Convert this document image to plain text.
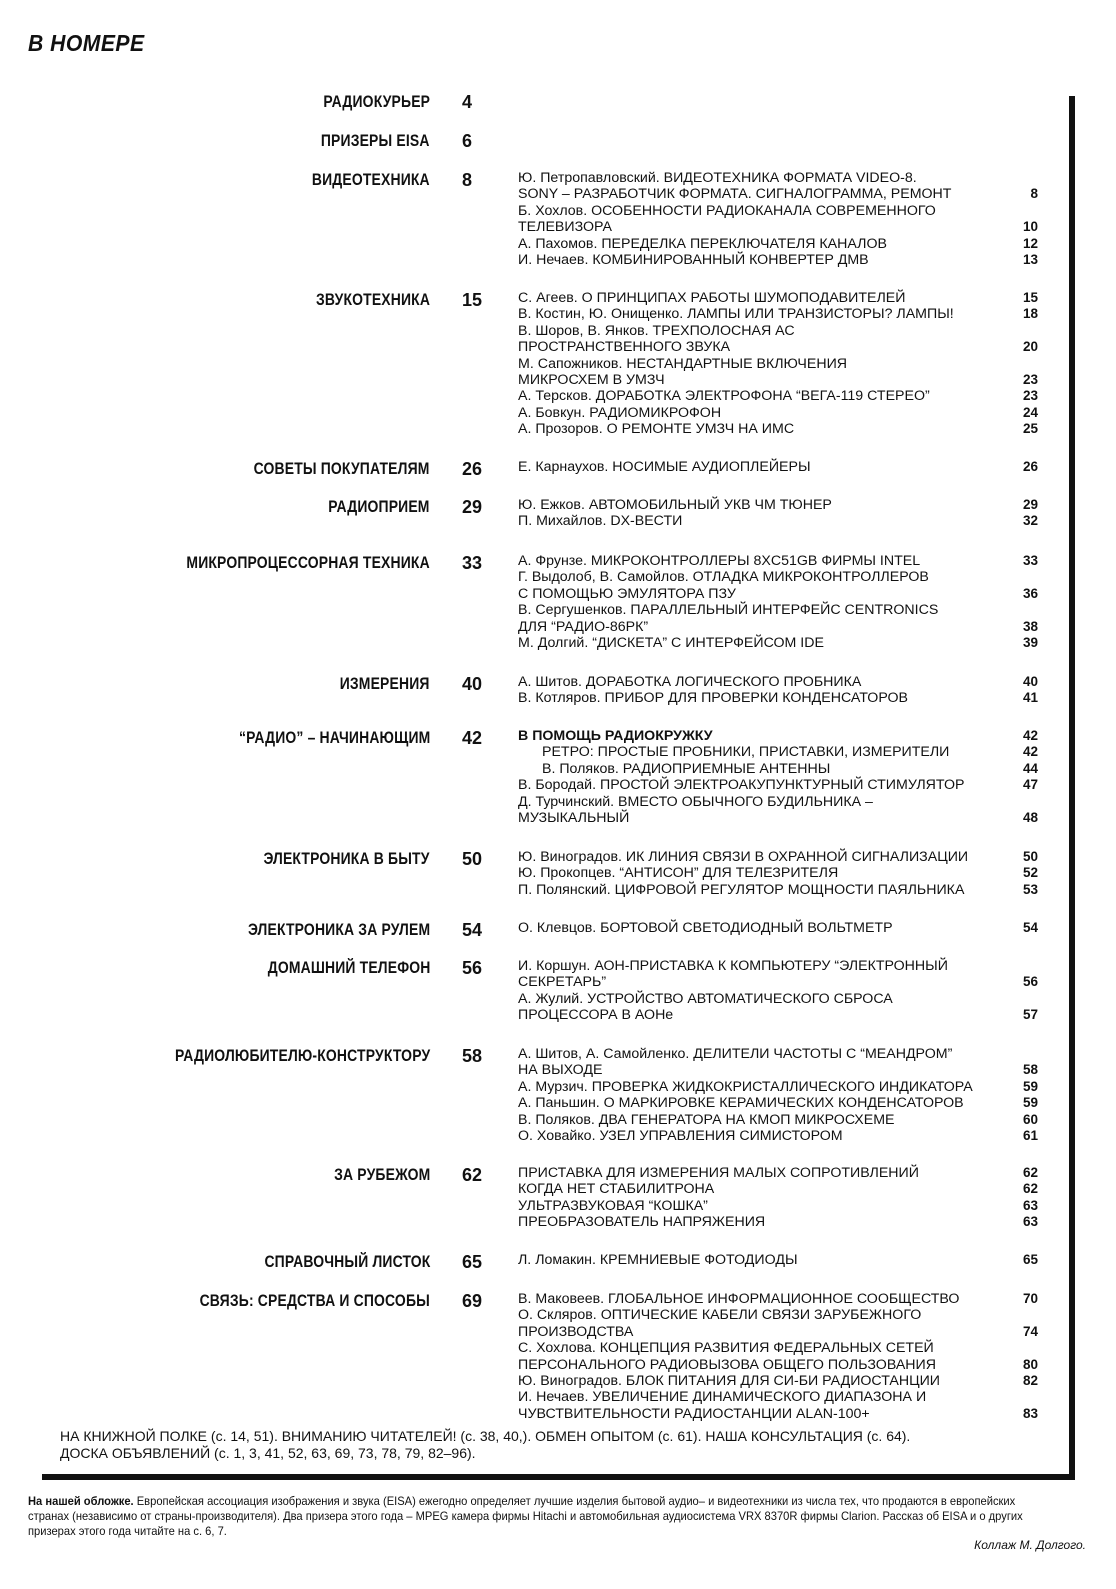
В НОМЕРЕ
РАДИОКУРЬЕР 4
ПРИЗЕРЫ EISA 6
ВИДЕОТЕХНИКА 8	Ю. Петропавловский. ВИДЕОТЕХНИКА ФОРМАТА VIDEO-8.
SONY – РАЗРАБОТЧИК ФОРМАТА. СИГНАЛОГРАММА, РЕМОНТ	8
Б. Хохлов. ОСОБЕННОСТИ РАДИОКАНАЛА СОВРЕМЕННОГО
ТЕЛЕВИЗОРА	10
А. Пахомов. ПЕРЕДЕЛКА ПЕРЕКЛЮЧАТЕЛЯ КАНАЛОВ	12
И. Нечаев. КОМБИНИРОВАННЫЙ КОНВЕРТЕР ДМВ	13
ЗВУКОТЕХНИКА 15	С. Агеев. О ПРИНЦИПАХ РАБОТЫ ШУМОПОДАВИТЕЛЕЙ	15
В. Костин, Ю. Онищенко. ЛАМПЫ ИЛИ ТРАНЗИСТОРЫ? ЛАМПЫ!	18
В. Шоров, В. Янков. ТРЕХПОЛОСНАЯ АС
ПРОСТРАНСТВЕННОГО ЗВУКА	20
М. Сапожников. НЕСТАНДАРТНЫЕ ВКЛЮЧЕНИЯ
МИКРОСХЕМ В УМЗЧ	23
А. Терсков. ДОРАБОТКА ЭЛЕКТРОФОНА “ВЕГА-119 СТЕРЕО”	23
А. Бовкун. РАДИОМИКРОФОН	24
А. Прозоров. О РЕМОНТЕ УМЗЧ НА ИМС	25
СОВЕТЫ ПОКУПАТЕЛЯМ 26	Е. Карнаухов. НОСИМЫЕ АУДИОПЛЕЙЕРЫ	26
РАДИОПРИЕМ 29	Ю. Ежков. АВТОМОБИЛЬНЫЙ УКВ ЧМ ТЮНЕР	29
П. Михайлов. DX-ВЕСТИ	32
МИКРОПРОЦЕССОРНАЯ ТЕХНИКА 33	А. Фрунзе. МИКРОКОНТРОЛЛЕРЫ 8XC51GB ФИРМЫ INTEL	33
Г. Выдолоб, В. Самойлов. ОТЛАДКА МИКРОКОНТРОЛЛЕРОВ
С ПОМОЩЬЮ ЭМУЛЯТОРА ПЗУ	36
В. Сергушенков. ПАРАЛЛЕЛЬНЫЙ ИНТЕРФЕЙС CENTRONICS
ДЛЯ “РАДИО-86РК”	38
М. Долгий. “ДИСКЕТА” С ИНТЕРФЕЙСОМ IDE	39
ИЗМЕРЕНИЯ 40	А. Шитов. ДОРАБОТКА ЛОГИЧЕСКОГО ПРОБНИКА	40
В. Котляров. ПРИБОР ДЛЯ ПРОВЕРКИ КОНДЕНСАТОРОВ	41
“РАДИО” – НАЧИНАЮЩИМ 42	В ПОМОЩЬ РАДИОКРУЖКУ	42
РЕТРО: ПРОСТЫЕ ПРОБНИКИ, ПРИСТАВКИ, ИЗМЕРИТЕЛИ	42
В. Поляков. РАДИОПРИЕМНЫЕ АНТЕННЫ	44
В. Бородай. ПРОСТОЙ ЭЛЕКТРОАКУПУНКТУРНЫЙ СТИМУЛЯТОР	47
Д. Турчинский. ВМЕСТО ОБЫЧНОГО БУДИЛЬНИКА –
МУЗЫКАЛЬНЫЙ	48
ЭЛЕКТРОНИКА В БЫТУ 50	Ю. Виноградов. ИК ЛИНИЯ СВЯЗИ В ОХРАННОЙ СИГНАЛИЗАЦИИ	50
Ю. Прокопцев. “АНТИСОН” ДЛЯ ТЕЛЕЗРИТЕЛЯ	52
П. Полянский. ЦИФРОВОЙ РЕГУЛЯТОР МОЩНОСТИ ПАЯЛЬНИКА	53
ЭЛЕКТРОНИКА ЗА РУЛЕМ 54	О. Клевцов. БОРТОВОЙ СВЕТОДИОДНЫЙ ВОЛЬТМЕТР	54
ДОМАШНИЙ ТЕЛЕФОН 56	И. Коршун. АОН-ПРИСТАВКА К КОМПЬЮТЕРУ “ЭЛЕКТРОННЫЙ
СЕКРЕТАРЬ”	56
А. Жулий. УСТРОЙСТВО АВТОМАТИЧЕСКОГО СБРОСА
ПРОЦЕССОРА В АОНе	57
РАДИОЛЮБИТЕЛЮ-КОНСТРУКТОРУ 58	А. Шитов, А. Самойленко. ДЕЛИТЕЛИ ЧАСТОТЫ С “МЕАНДРОМ”
НА ВЫХОДЕ	58
А. Мурзич. ПРОВЕРКА ЖИДКОКРИСТАЛЛИЧЕСКОГО ИНДИКАТОРА	59
А. Паньшин. О МАРКИРОВКЕ КЕРАМИЧЕСКИХ КОНДЕНСАТОРОВ	59
В. Поляков. ДВА ГЕНЕРАТОРА НА КМОП МИКРОСХЕМЕ	60
О. Ховайко. УЗЕЛ УПРАВЛЕНИЯ СИМИСТОРОМ	61
ЗА РУБЕЖОМ 62	ПРИСТАВКА ДЛЯ ИЗМЕРЕНИЯ МАЛЫХ СОПРОТИВЛЕНИЙ	62
КОГДА НЕТ СТАБИЛИТРОНА	62
УЛЬТРАЗВУКОВАЯ “КОШКА”	63
ПРЕОБРАЗОВАТЕЛЬ НАПРЯЖЕНИЯ	63
СПРАВОЧНЫЙ ЛИСТОК 65	Л. Ломакин. КРЕМНИЕВЫЕ ФОТОДИОДЫ	65
СВЯЗЬ: СРЕДСТВА И СПОСОБЫ 69	В. Маковеев. ГЛОБАЛЬНОЕ ИНФОРМАЦИОННОЕ СООБЩЕСТВО	70
О. Скляров. ОПТИЧЕСКИЕ КАБЕЛИ СВЯЗИ ЗАРУБЕЖНОГО
ПРОИЗВОДСТВА	74
С. Хохлова. КОНЦЕПЦИЯ РАЗВИТИЯ ФЕДЕРАЛЬНЫХ СЕТЕЙ
ПЕРСОНАЛЬНОГО РАДИОВЫЗОВА ОБЩЕГО ПОЛЬЗОВАНИЯ	80
Ю. Виноградов. БЛОК ПИТАНИЯ ДЛЯ СИ-БИ РАДИОСТАНЦИИ	82
И. Нечаев. УВЕЛИЧЕНИЕ ДИНАМИЧЕСКОГО ДИАПАЗОНА И
ЧУВСТВИТЕЛЬНОСТИ РАДИОСТАНЦИИ ALAN-100+	83
НА КНИЖНОЙ ПОЛКЕ (с. 14, 51). ВНИМАНИЮ ЧИТАТЕЛЕЙ! (с. 38, 40,). ОБМЕН ОПЫТОМ (с. 61). НАША КОНСУЛЬТАЦИЯ (с. 64).
ДОСКА ОБЪЯВЛЕНИЙ (с. 1, 3, 41, 52, 63, 69, 73, 78, 79, 82–96).
На нашей обложке. Европейская ассоциация изображения и звука (EISA) ежегодно определяет лучшие изделия бытовой аудио– и видеотехники из числа тех, что продаются в европейских странах (независимо от страны-производителя). Два призера этого года – MPEG камера фирмы Hitachi и автомобильная аудиосистема VRX 8370R фирмы Clarion. Рассказ об EISA и о других призерах этого года читайте на с. 6, 7.
Коллаж М. Долгого.
